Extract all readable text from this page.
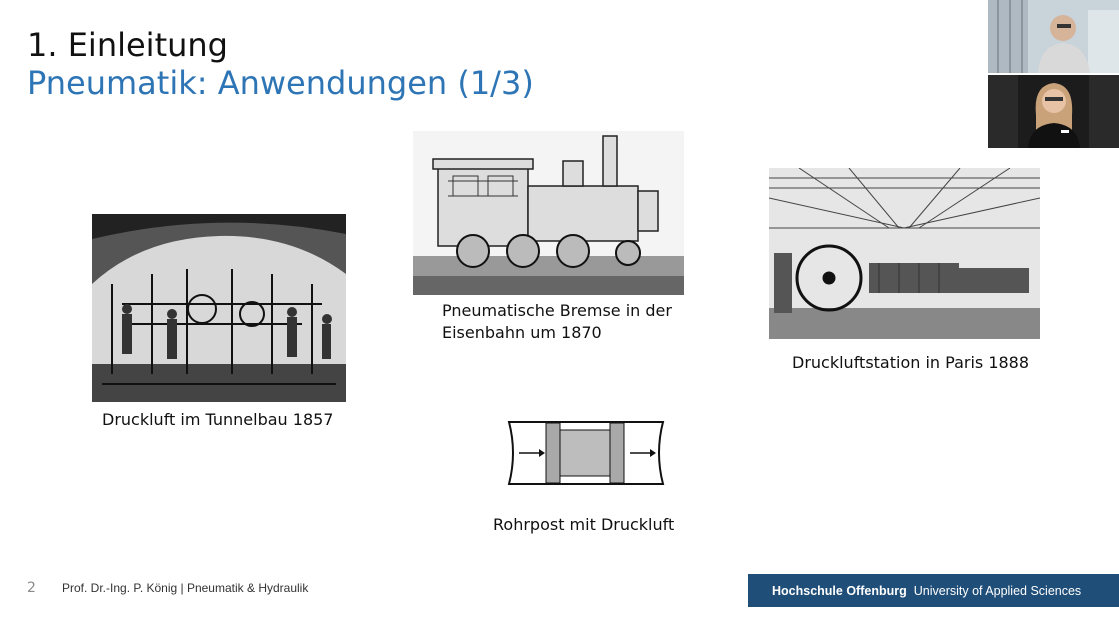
1. Einleitung
Pneumatik: Anwendungen (1/3)
Druckluft im Tunnelbau 1857
Pneumatische Bremse in der
Eisenbahn um 1870
Druckluftstation in Paris 1888
Rohrpost mit Druckluft
2 Prof. Dr.-Ing. P. König | Pneumatik & Hydraulik	Hochschule Offenburg University of Applied Sciences
